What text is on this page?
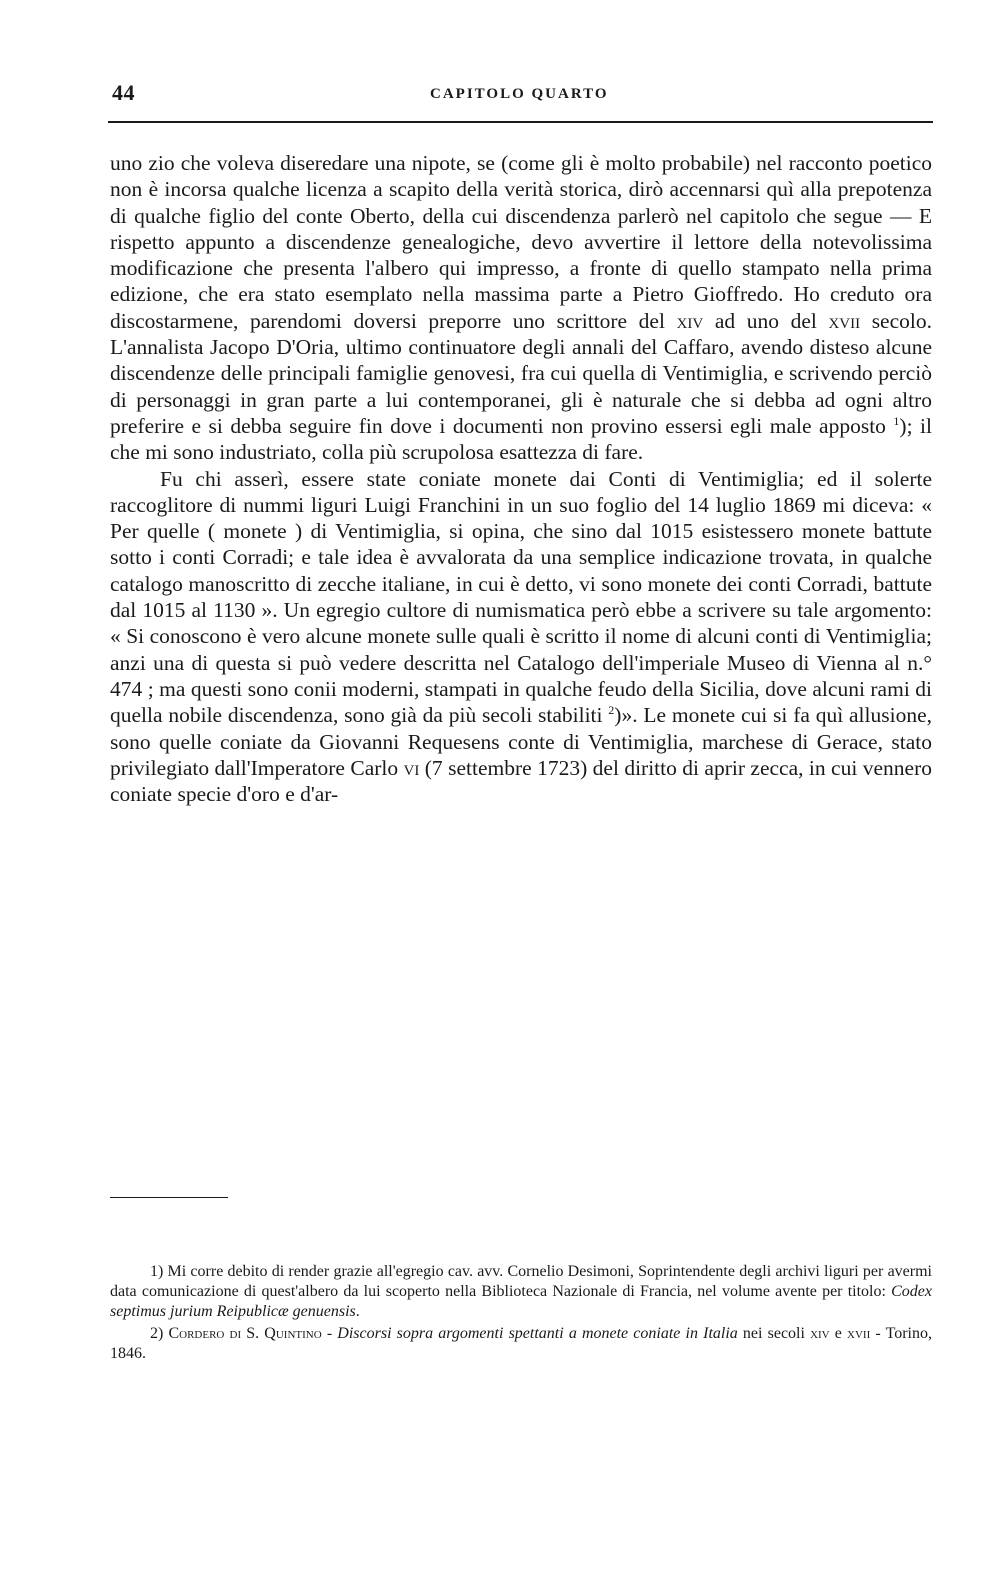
44	CAPITOLO QUARTO

uno zio che voleva diseredare una nipote, se (come gli è molto probabile) nel racconto poetico non è incorsa qualche licenza a scapito della verità storica, dirò accennarsi quì alla prepotenza di qualche figlio del conte Oberto, della cui discendenza parlerò nel capitolo che segue — E rispetto appunto a discendenze genealogiche, devo avvertire il lettore della notevolissima modificazione che presenta l'albero qui impresso, a fronte di quello stampato nella prima edizione, che era stato esemplato nella massima parte a Pietro Gioffredo. Ho creduto ora discostarmene, parendomi doversi preporre uno scrittore del xiv ad uno del xvii secolo. L'annalista Jacopo D'Oria, ultimo continuatore degli annali del Caffaro, avendo disteso alcune discendenze delle principali famiglie genovesi, fra cui quella di Ventimiglia, e scrivendo perciò di personaggi in gran parte a lui contemporanei, gli è naturale che si debba ad ogni altro preferire e si debba seguire fin dove i documenti non provino essersi egli male apposto $^1$); il che mi sono industriato, colla più scrupolosa esattezza di fare.

Fu chi asserì, essere state coniate monete dai Conti di Ventimiglia; ed il solerte raccoglitore di nummi liguri Luigi Franchini in un suo foglio del 14 luglio 1869 mi diceva: « Per quelle ( monete ) di Ventimiglia, si opina, che sino dal 1015 esistessero monete battute sotto i conti Corradi; e tale idea è avvalorata da una semplice indicazione trovata, in qualche catalogo manoscritto di zecche italiane, in cui è detto, vi sono monete dei conti Corradi, battute dal 1015 al 1130 ». Un egregio cultore di numismatica però ebbe a scrivere su tale argomento: « Si conoscono è vero alcune monete sulle quali è scritto il nome di alcuni conti di Ventimiglia; anzi una di questa si può vedere descritta nel Catalogo dell'imperiale Museo di Vienna al n.° 474 ; ma questi sono conii moderni, stampati in qualche feudo della Sicilia, dove alcuni rami di quella nobile discendenza, sono già da più secoli stabiliti $^2$)». Le monete cui si fa quì allusione, sono quelle coniate da Giovanni Requesens conte di Ventimiglia, marchese di Gerace, stato privilegiato dall'Imperatore Carlo vi (7 settembre 1723) del diritto di aprir zecca, in cui vennero coniate specie d'oro e d'ar-

1) Mi corre debito di render grazie all'egregio cav. avv. Cornelio Desimoni, Soprintendente degli archivi liguri per avermi data comunicazione di quest'albero da lui scoperto nella Biblioteca Nazionale di Francia, nel volume avente per titolo: Codex septimus jurium Reipublicæ genuensis.

2) Cordero di S. Quintino - Discorsi sopra argomenti spettanti a monete coniate in Italia nei secoli xiv e xvii - Torino, 1846.
